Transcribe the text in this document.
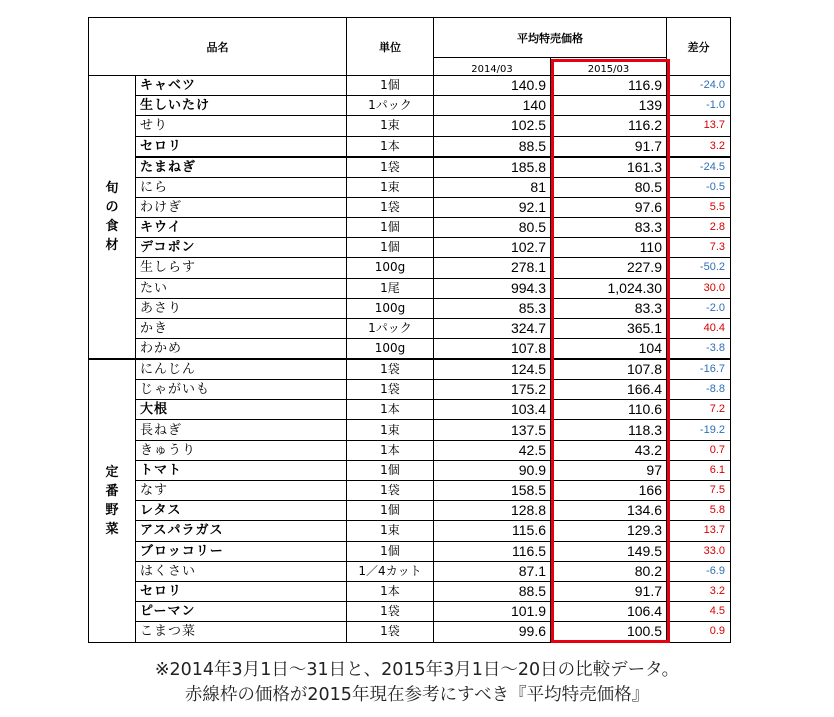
品名		単位	平均特売価格		差分
			2014/03	2015/03	

旬
の
食
材	キャベツ	1個	140.9	116.9	-24.0
	生しいたけ	1パック	140	139	-1.0
	せり	1束	102.5	116.2	13.7
	セロリ	1本	88.5	91.7	3.2
	たまねぎ	1袋	185.8	161.3	-24.5
	にら	1束	81	80.5	-0.5
	わけぎ	1袋	92.1	97.6	5.5
	キウイ	1個	80.5	83.3	2.8
	デコポン	1個	102.7	110	7.3
	生しらす	100g	278.1	227.9	-50.2
	たい	1尾	994.3	1,024.30	30.0
	あさり	100g	85.3	83.3	-2.0
	かき	1パック	324.7	365.1	40.4
	わかめ	100g	107.8	104	-3.8

定
番
野
菜	にんじん	1袋	124.5	107.8	-16.7
	じゃがいも	1袋	175.2	166.4	-8.8
	大根	1本	103.4	110.6	7.2
	長ねぎ	1束	137.5	118.3	-19.2
	きゅうり	1本	42.5	43.2	0.7
	トマト	1個	90.9	97	6.1
	なす	1袋	158.5	166	7.5
	レタス	1個	128.8	134.6	5.8
	アスパラガス	1束	115.6	129.3	13.7
	ブロッコリー	1個	116.5	149.5	33.0
	はくさい	1／4カット	87.1	80.2	-6.9
	セロリ	1本	88.5	91.7	3.2
	ピーマン	1袋	101.9	106.4	4.5
	こまつ菜	1袋	99.6	100.5	0.9
※2014年3月1日～31日と、2015年3月1日～20日の比較データ。
赤線枠の価格が2015年現在参考にすべき『平均特売価格』
